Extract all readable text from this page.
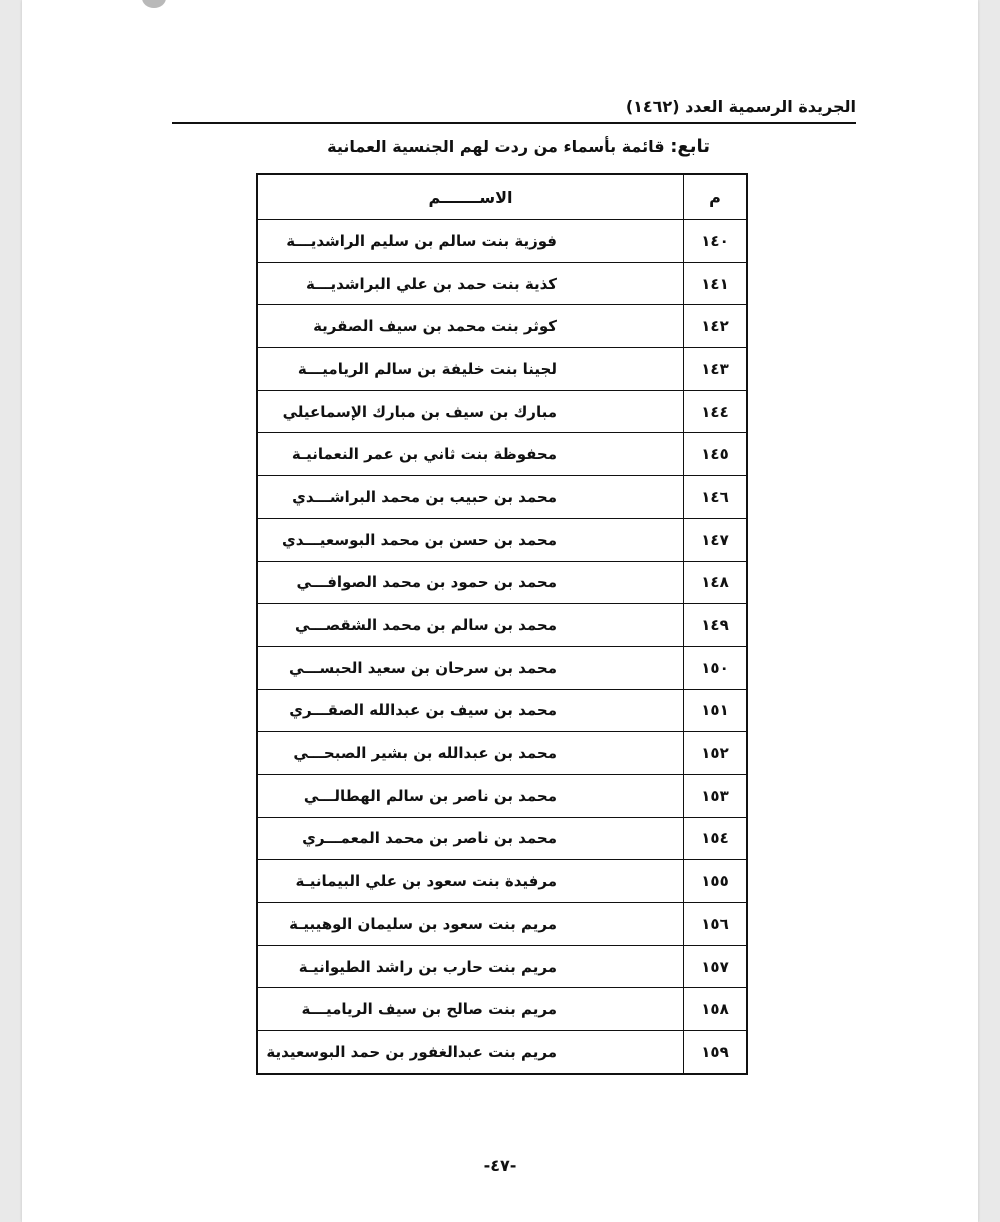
الجريدة الرسمية العدد (١٤٦٢)
تابع: قائمة بأسماء من ردت لهم الجنسية العمانية
م	الاســـــــم
١٤٠	فوزية بنت سالم بن سليم الراشديـــة
١٤١	كذية بنت حمد بن علي البراشديـــة
١٤٢	كوثر بنت محمد بن سيف الصقرية
١٤٣	لجينا بنت خليفة بن سالم الرياميـــة
١٤٤	مبارك بن سيف بن مبارك الإسماعيلي
١٤٥	محفوظة بنت ثاني بن عمر النعمانيـة
١٤٦	محمد بن حبيب بن محمد البراشـــدي
١٤٧	محمد بن حسن بن محمد البوسعيـــدي
١٤٨	محمد بن حمود بن محمد الصوافـــي
١٤٩	محمد بن سالم بن محمد الشقصـــي
١٥٠	محمد بن سرحان بن سعيد الحبســـي
١٥١	محمد بن سيف بن عبدالله الصقـــري
١٥٢	محمد بن عبدالله بن بشير الصبحـــي
١٥٣	محمد بن ناصر بن سالم الهطالـــي
١٥٤	محمد بن ناصر بن محمد المعمـــري
١٥٥	مرفيدة بنت سعود بن علي البيمانيـة
١٥٦	مريم بنت سعود بن سليمان الوهيبيـة
١٥٧	مريم بنت حارب بن راشد الطيوانيـة
١٥٨	مريم بنت صالح بن سيف الرياميـــة
١٥٩	مريم بنت عبدالغفور بن حمد البوسعيدية
-٤٧-
